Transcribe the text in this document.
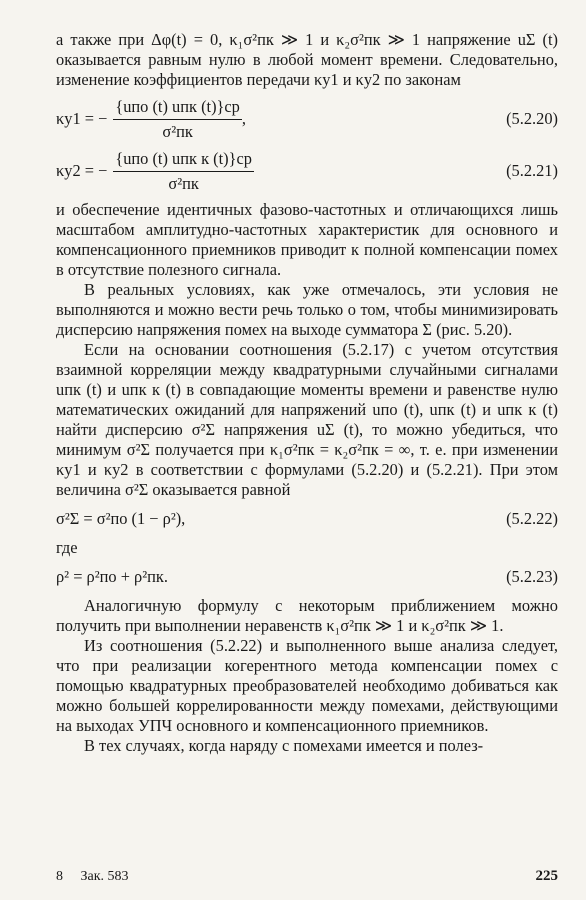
а также при Δφ(t) = 0, κ₁σ²пк ≫ 1 и κ₂σ²пк ≫ 1 напряжение uΣ (t) оказывается равным нулю в любой момент времени. Следовательно, изменение коэффициентов передачи κу1 и κу2 по законам

κу1 = − $\frac{\text{\{uпо (t) uпк (t)\}ср}}{\text{σ²пк}}$ ,	(5.2.20)
κу2 = − $\frac{\text{\{uпо (t) uпк к (t)\}ср}}{\text{σ²пк}}$	(5.2.21)

и обеспечение идентичных фазово-частотных и отличающихся лишь масштабом амплитудно-частотных характеристик для основного и компенсационного приемников приводит к полной компенсации помех в отсутствие полезного сигнала.

В реальных условиях, как уже отмечалось, эти условия не выполняются и можно вести речь только о том, чтобы минимизировать дисперсию напряжения помех на выходе сумматора Σ (рис. 5.20).

Если на основании соотношения (5.2.17) с учетом отсутствия взаимной корреляции между квадратурными случайными сигналами uпк (t) и uпк к (t) в совпадающие моменты времени и равенстве нулю математических ожиданий для напряжений uпо (t), uпк (t) и uпк к (t) найти дисперсию σ²Σ напряжения uΣ (t), то можно убедиться, что минимум σ²Σ получается при κ₁σ²пк = κ₂σ²пк = ∞, т. е. при изменении κу1 и κу2 в соответствии с формулами (5.2.20) и (5.2.21). При этом величина σ²Σ оказывается равной

σ²Σ = σ²по (1 − ρ²),	(5.2.22)

где

ρ² = ρ²по + ρ²пк.	(5.2.23)

Аналогичную формулу с некоторым приближением можно получить при выполнении неравенств κ₁σ²пк ≫ 1 и κ₂σ²пк ≫ 1.

Из соотношения (5.2.22) и выполненного выше анализа следует, что при реализации когерентного метода компенсации помех с помощью квадратурных преобразователей необходимо добиваться как можно большей коррелированности между помехами, действующими на выходах УПЧ основного и компенсационного приемников.

В тех случаях, когда наряду с помехами имеется и полез-

8 Зак. 583	225
